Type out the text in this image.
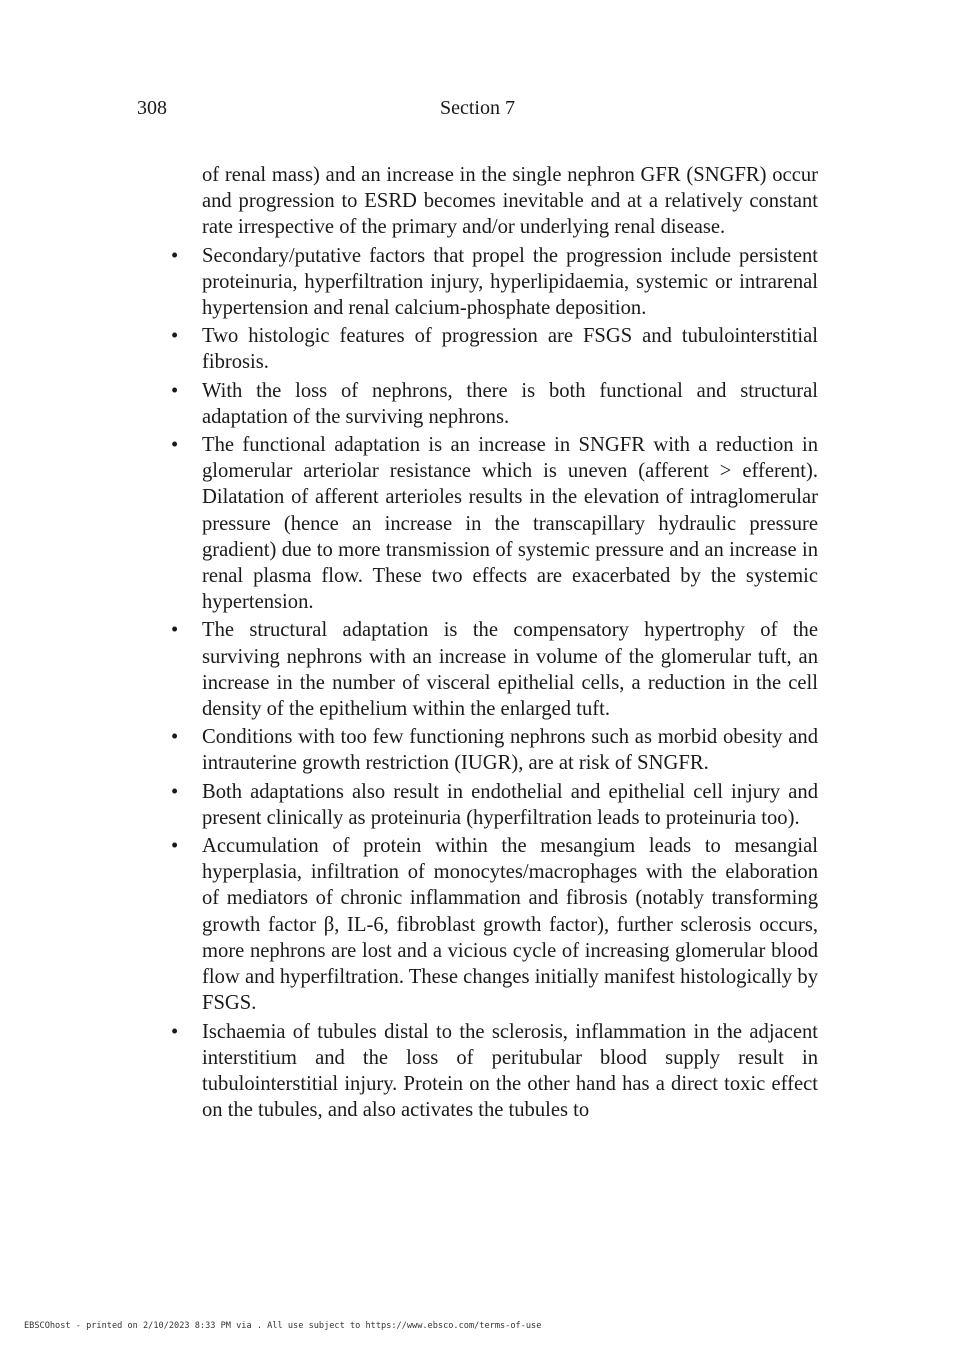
308	Section 7

of renal mass) and an increase in the single nephron GFR (SNGFR) occur and progression to ESRD becomes inevitable and at a relatively constant rate irrespective of the primary and/or underlying renal disease.

• Secondary/putative factors that propel the progression include persistent proteinuria, hyperfiltration injury, hyperlipidaemia, systemic or intrarenal hypertension and renal calcium-phosphate deposition.
• Two histologic features of progression are FSGS and tubulointerstitial fibrosis.
• With the loss of nephrons, there is both functional and structural adaptation of the surviving nephrons.
• The functional adaptation is an increase in SNGFR with a reduction in glomerular arteriolar resistance which is uneven (afferent > efferent). Dilatation of afferent arterioles results in the elevation of intraglomerular pressure (hence an increase in the transcapillary hydraulic pressure gradient) due to more transmission of systemic pressure and an increase in renal plasma flow. These two effects are exacerbated by the systemic hypertension.
• The structural adaptation is the compensatory hypertrophy of the surviving nephrons with an increase in volume of the glomerular tuft, an increase in the number of visceral epithelial cells, a reduction in the cell density of the epithelium within the enlarged tuft.
• Conditions with too few functioning nephrons such as morbid obesity and intrauterine growth restriction (IUGR), are at risk of SNGFR.
• Both adaptations also result in endothelial and epithelial cell injury and present clinically as proteinuria (hyperfiltration leads to proteinuria too).
• Accumulation of protein within the mesangium leads to mesangial hyperplasia, infiltration of monocytes/macrophages with the elaboration of mediators of chronic inflammation and fibrosis (notably transforming growth factor β, IL-6, fibroblast growth factor), further sclerosis occurs, more nephrons are lost and a vicious cycle of increasing glomerular blood flow and hyperfiltration. These changes initially manifest histologically by FSGS.
• Ischaemia of tubules distal to the sclerosis, inflammation in the adjacent interstitium and the loss of peritubular blood supply result in tubulointerstitial injury. Protein on the other hand has a direct toxic effect on the tubules, and also activates the tubules to
EBSCOhost - printed on 2/10/2023 8:33 PM via . All use subject to https://www.ebsco.com/terms-of-use
